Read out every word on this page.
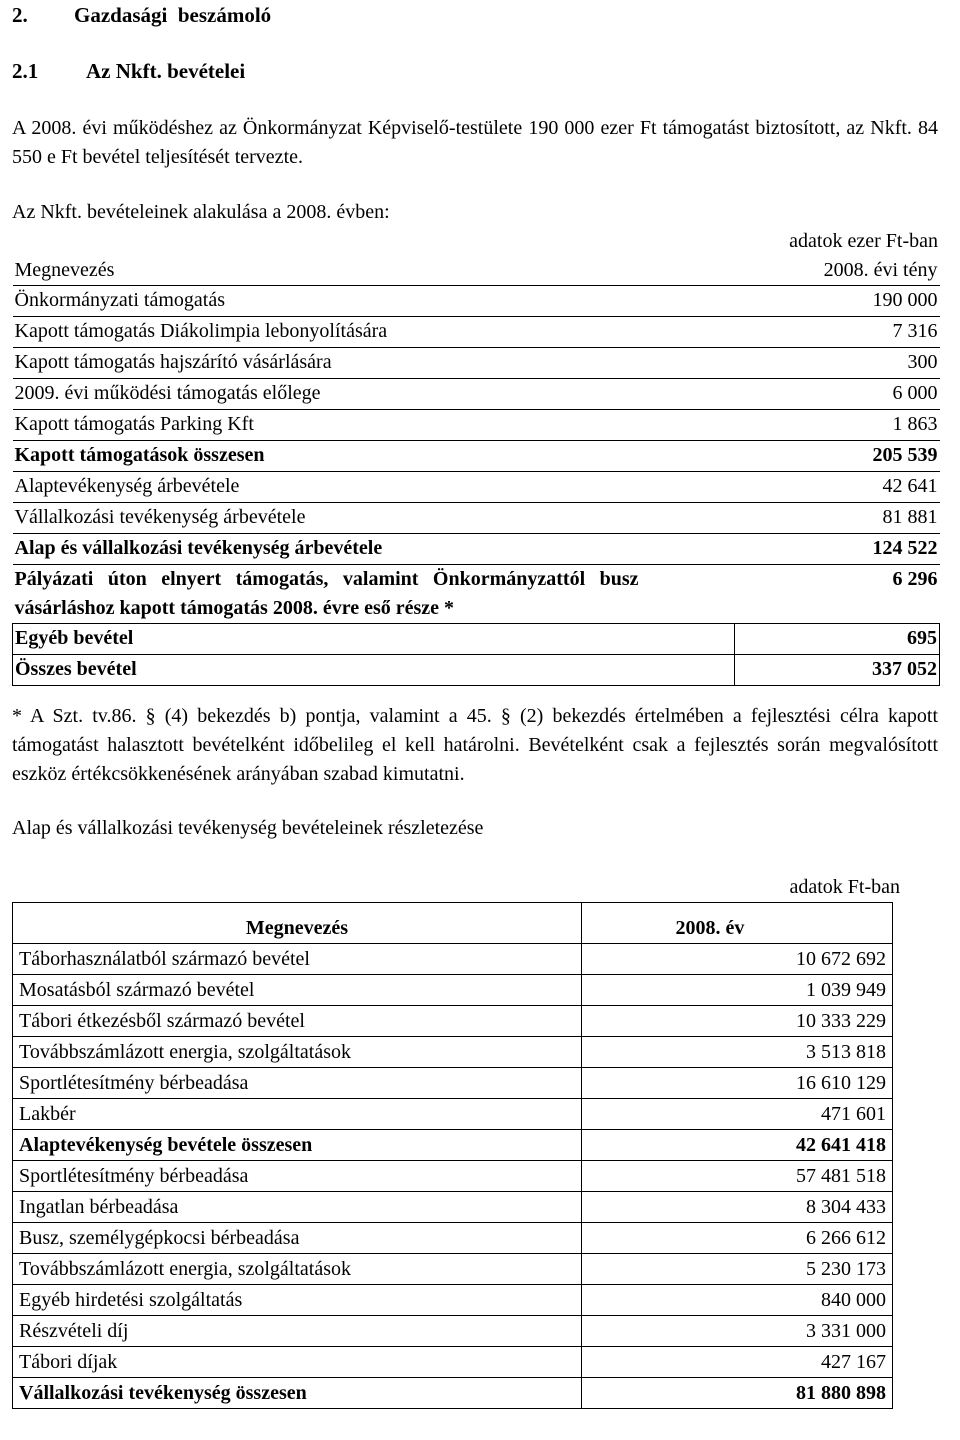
2. Gazdasági  beszámoló
2.1 Az Nkft. bevételei
A 2008. évi működéshez az Önkormányzat Képviselő-testülete 190 000 ezer Ft támogatást biztosított, az Nkft. 84 550 e Ft bevétel teljesítését tervezte.
Az Nkft. bevételeinek alakulása a 2008. évben:
adatok ezer Ft-ban
Megnevezés	2008. évi tény
Önkormányzati támogatás	190 000
Kapott támogatás Diákolimpia lebonyolítására	7 316
Kapott támogatás hajszárító vásárlására	300
2009. évi működési támogatás előlege	6 000
Kapott támogatás Parking Kft	1 863
Kapott támogatások összesen	205 539
Alaptevékenység árbevétele	42 641
Vállalkozási tevékenység árbevétele	81 881
Alap és vállalkozási tevékenység árbevétele	124 522

Pályázati úton elnyert támogatás, valamint Önkormányzattól busz vásárláshoz kapott támogatás 2008. évre eső része *	6 296
Egyéb bevétel	695
Összes bevétel	337 052
* A Szt. tv.86. § (4) bekezdés b) pontja, valamint a 45. § (2) bekezdés értelmében a fejlesztési célra kapott támogatást halasztott bevételként időbelileg el kell határolni. Bevételként csak a fejlesztés során megvalósított eszköz értékcsökkenésének arányában szabad kimutatni.
Alap és vállalkozási tevékenység bevételeinek részletezése
adatok Ft-ban
Megnevezés	2008. év
Táborhasználatból származó bevétel	10 672 692
Mosatásból származó bevétel	1 039 949
Tábori étkezésből származó bevétel	10 333 229
Továbbszámlázott energia, szolgáltatások	3 513 818
Sportlétesítmény bérbeadása	16 610 129
Lakbér	471 601
Alaptevékenység bevétele összesen	42 641 418
Sportlétesítmény bérbeadása	57 481 518
Ingatlan bérbeadása	8 304 433
Busz, személygépkocsi bérbeadása	6 266 612
Továbbszámlázott energia, szolgáltatások	5 230 173
Egyéb hirdetési szolgáltatás	840 000
Részvételi díj	3 331 000
Tábori díjak	427 167
Vállalkozási tevékenység összesen	81 880 898
